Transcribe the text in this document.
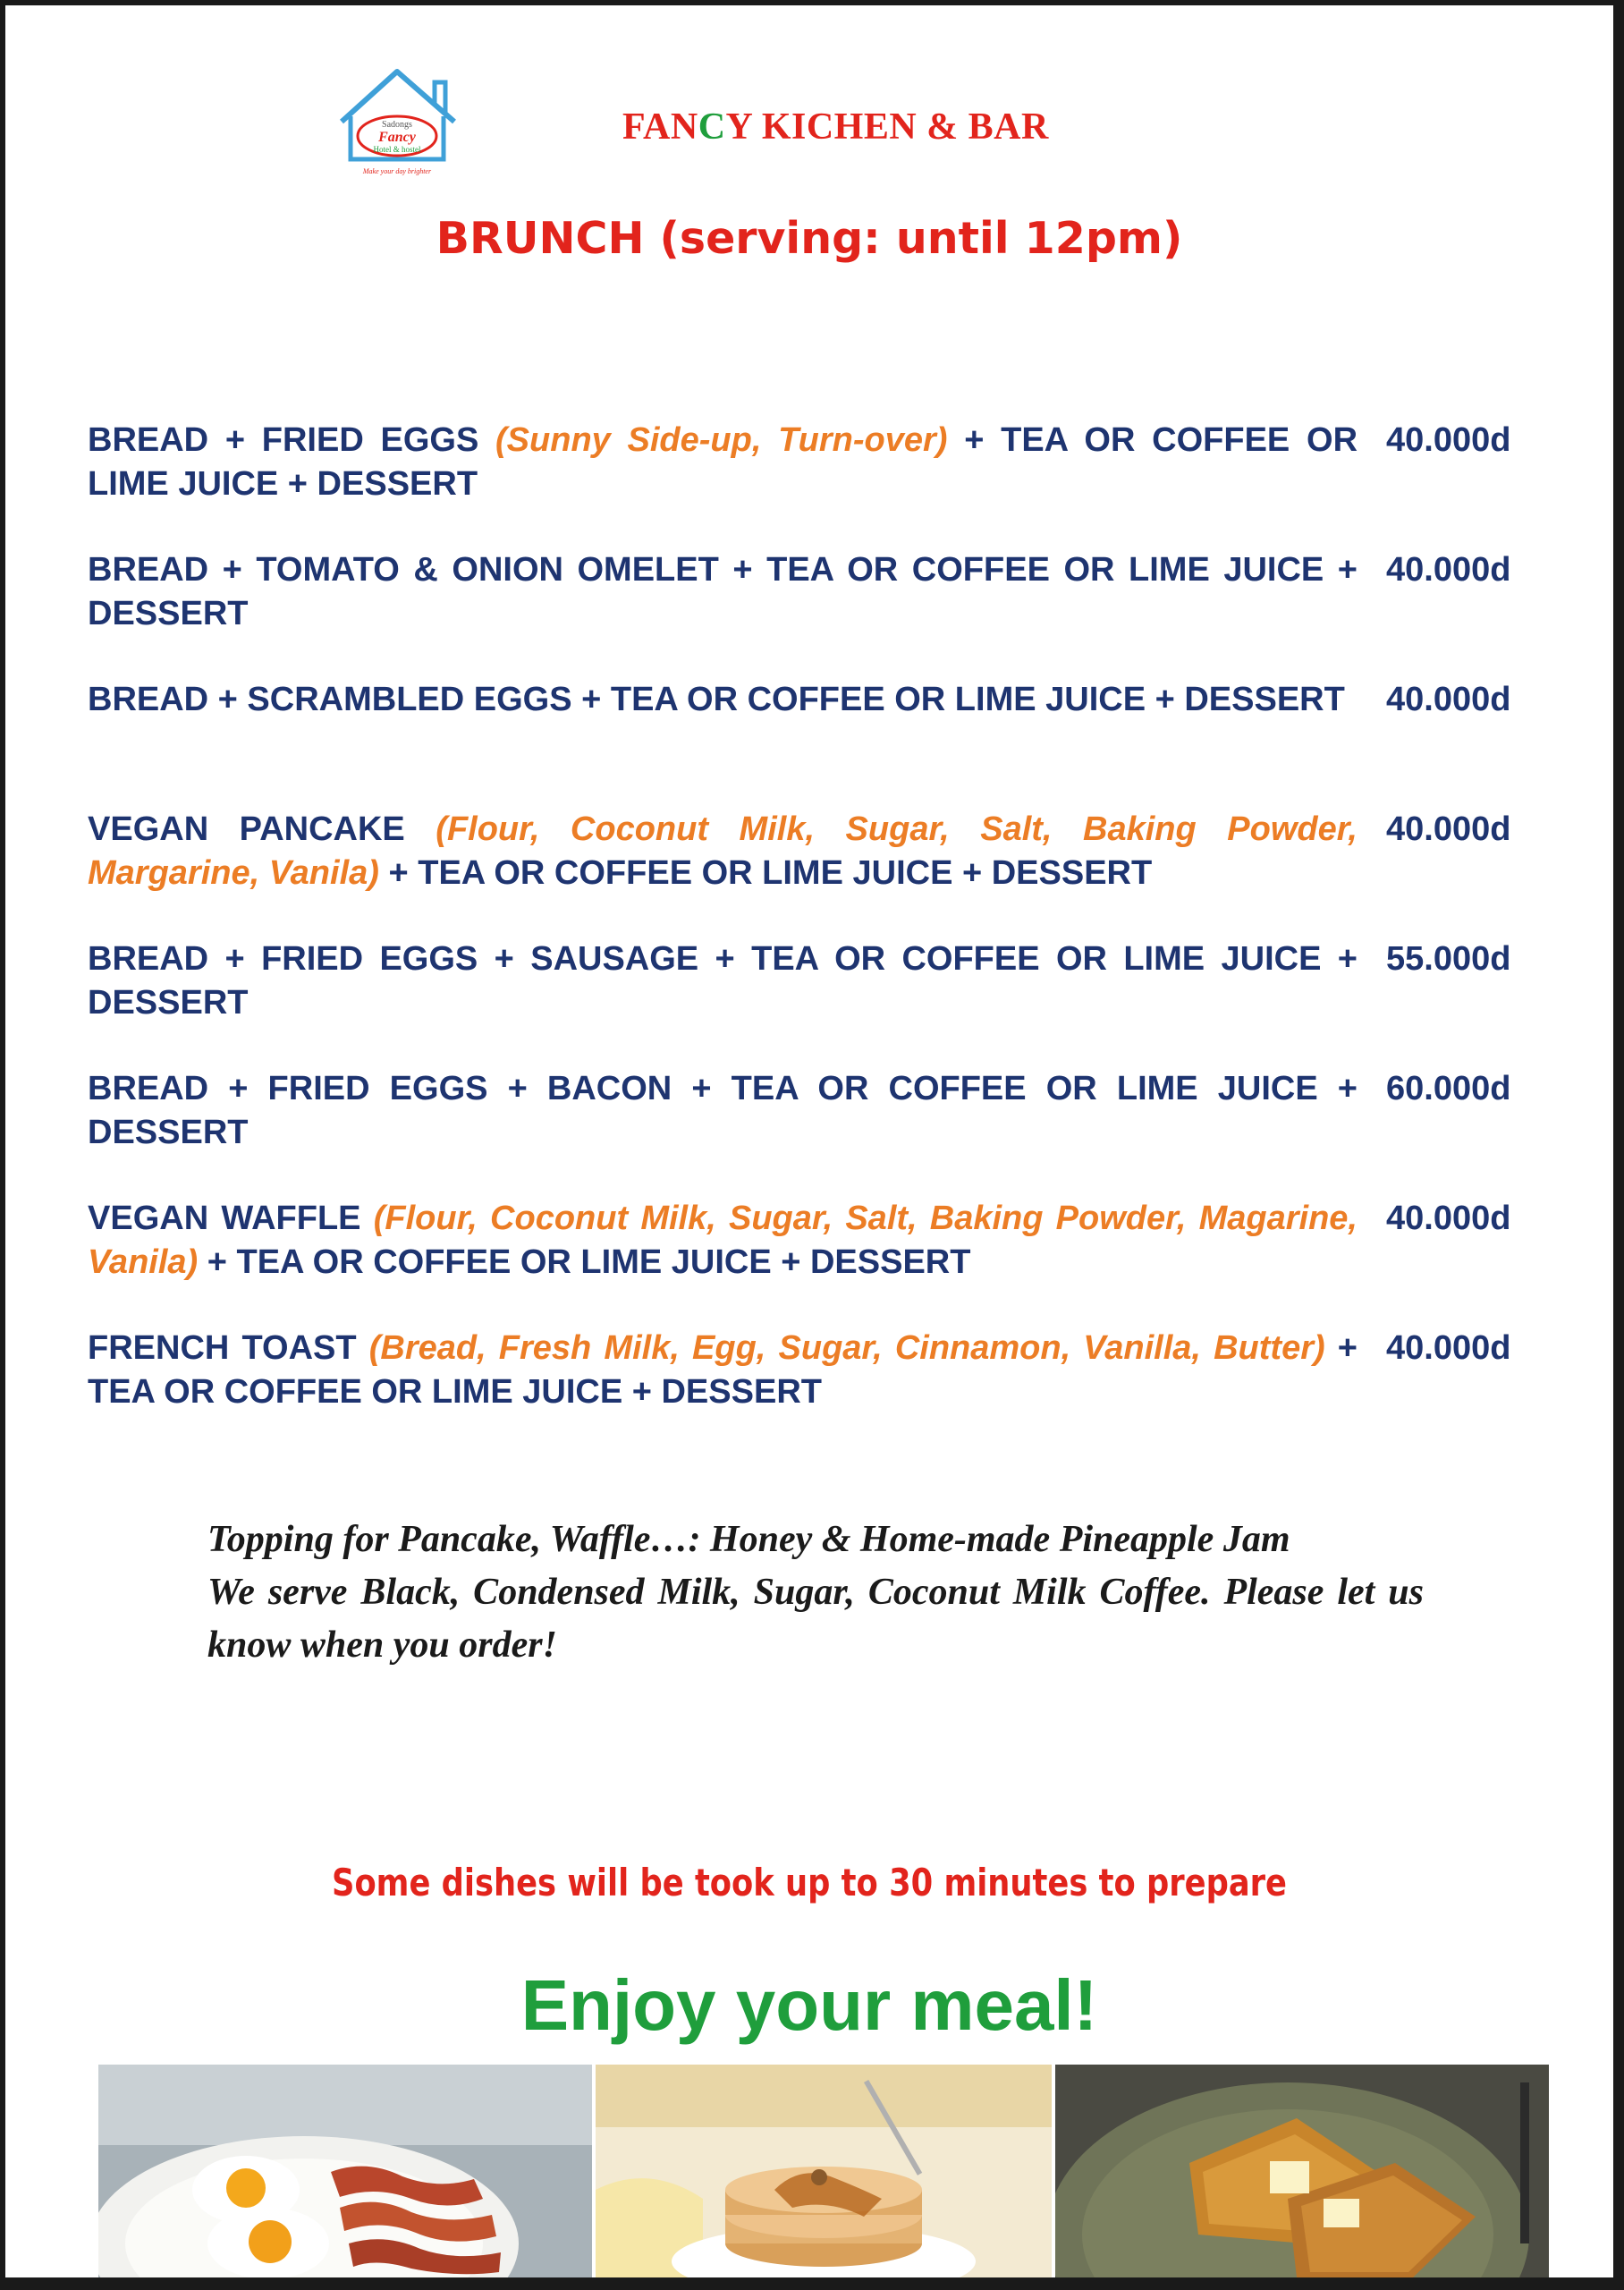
Sadongs
Fancy
Hotel & hostel
Make your day brighter
FANCY KICHEN & BAR
BRUNCH (serving: until 12pm)
BREAD + FRIED EGGS (Sunny Side-up, Turn-over) + TEA OR COFFEE OR LIME JUICE + DESSERT
40.000d
BREAD + TOMATO & ONION OMELET + TEA OR COFFEE OR LIME JUICE + DESSERT
40.000d
BREAD + SCRAMBLED EGGS + TEA OR COFFEE OR LIME JUICE + DESSERT	40.000d
VEGAN PANCAKE (Flour, Coconut Milk, Sugar, Salt, Baking Powder, Margarine, Vanila) + TEA OR COFFEE OR LIME JUICE + DESSERT
40.000d
BREAD + FRIED EGGS + SAUSAGE + TEA OR COFFEE OR LIME JUICE + DESSERT
55.000d
BREAD + FRIED EGGS + BACON + TEA OR COFFEE OR LIME JUICE + DESSERT
60.000d
VEGAN WAFFLE (Flour, Coconut Milk, Sugar, Salt, Baking Powder, Magarine, Vanila) + TEA OR COFFEE OR LIME JUICE + DESSERT
40.000d
FRENCH TOAST (Bread, Fresh Milk, Egg, Sugar, Cinnamon, Vanilla, Butter) + TEA OR COFFEE OR LIME JUICE + DESSERT
40.000d

Topping for Pancake, Waffle…: Honey & Home-made Pineapple Jam

We serve Black, Condensed Milk, Sugar, Coconut Milk Coffee. Please let us know when you order!

Some dishes will be took up to 30 minutes to prepare
Enjoy your meal!
